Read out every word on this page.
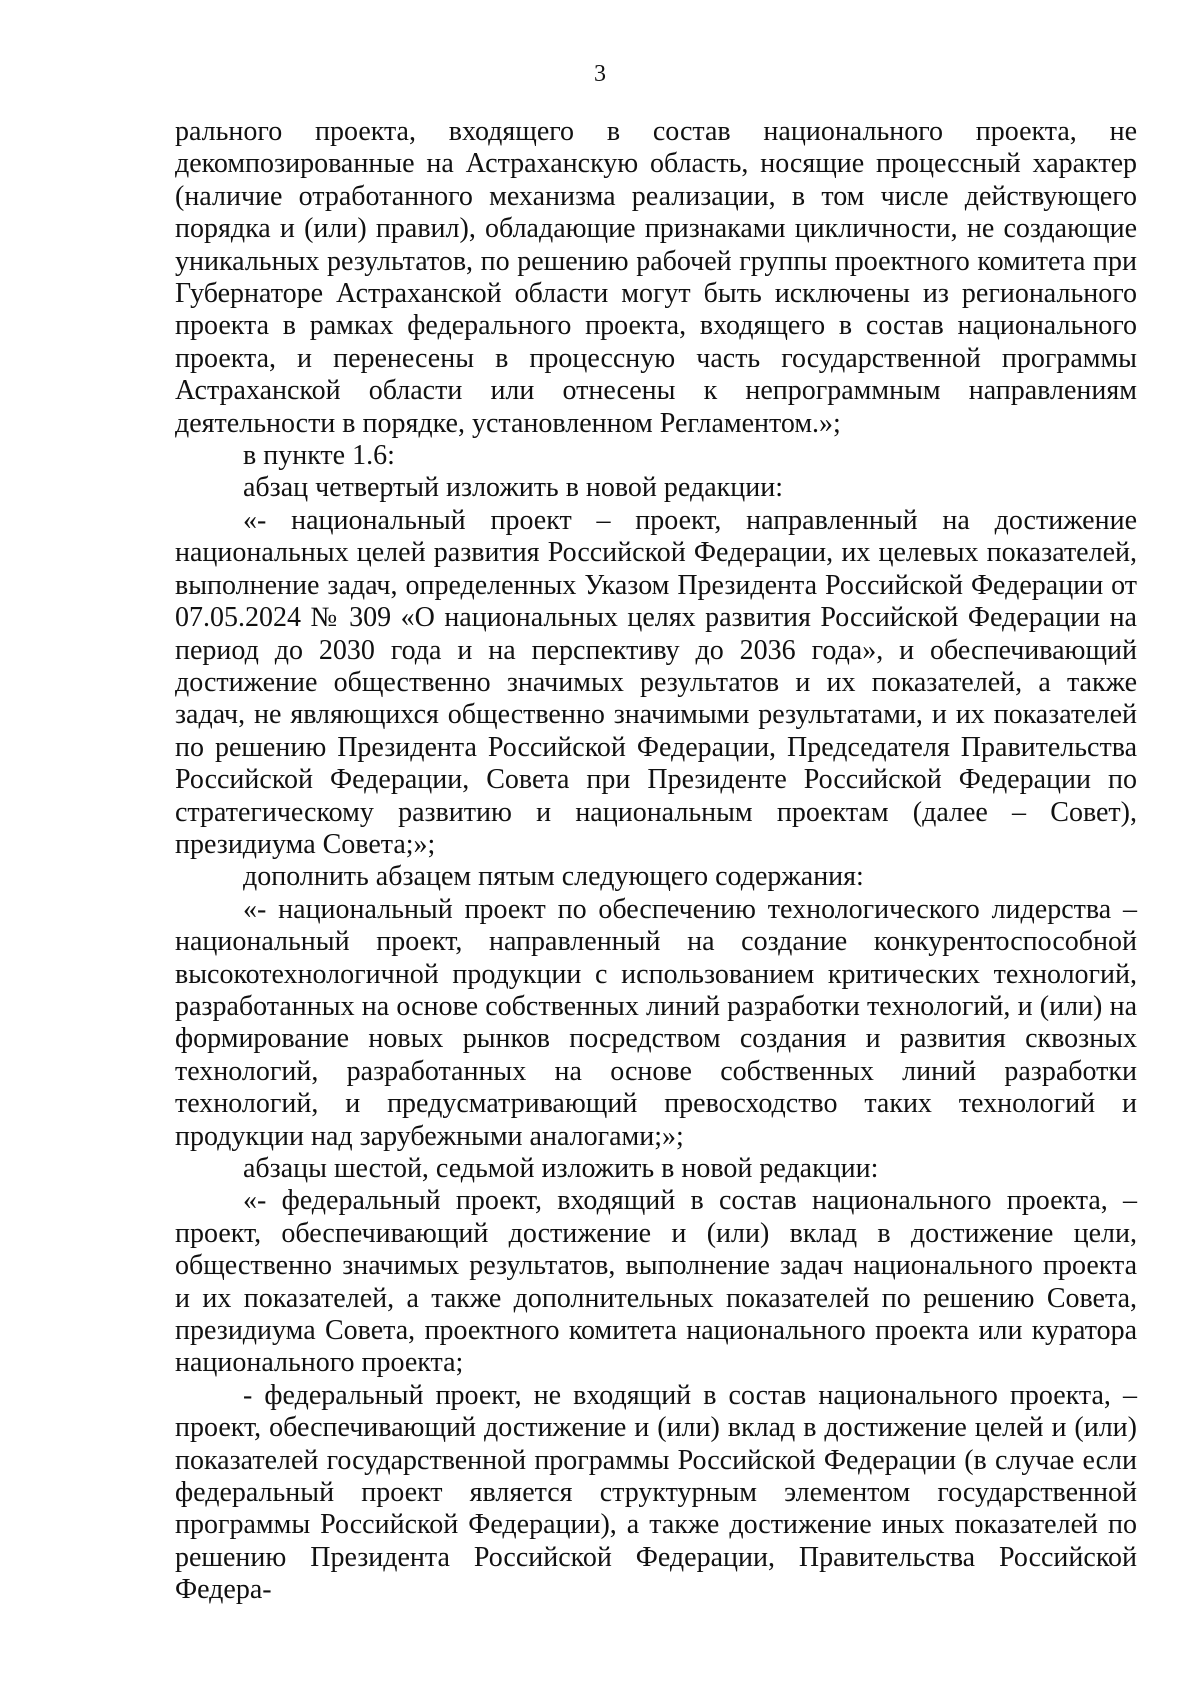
3

рального проекта, входящего в состав национального проекта, не декомпозированные на Астраханскую область, носящие процессный характер (наличие отработанного механизма реализации, в том числе действующего порядка и (или) правил), обладающие признаками цикличности, не создающие уникальных результатов, по решению рабочей группы проектного комитета при Губернаторе Астраханской области могут быть исключены из регионального проекта в рамках федерального проекта, входящего в состав национального проекта, и перенесены в процессную часть государственной программы Астраханской области или отнесены к непрограммным направлениям деятельности в порядке, установленном Регламентом.»;

в пункте 1.6:

абзац четвертый изложить в новой редакции:

«- национальный проект – проект, направленный на достижение национальных целей развития Российской Федерации, их целевых показателей, выполнение задач, определенных Указом Президента Российской Федерации от 07.05.2024 № 309 «О национальных целях развития Российской Федерации на период до 2030 года и на перспективу до 2036 года», и обеспечивающий достижение общественно значимых результатов и их показателей, а также задач, не являющихся общественно значимыми результатами, и их показателей по решению Президента Российской Федерации, Председателя Правительства Российской Федерации, Совета при Президенте Российской Федерации по стратегическому развитию и национальным проектам (далее – Совет), президиума Совета;»;

дополнить абзацем пятым следующего содержания:

«- национальный проект по обеспечению технологического лидерства – национальный проект, направленный на создание конкурентоспособной высокотехнологичной продукции с использованием критических технологий, разработанных на основе собственных линий разработки технологий, и (или) на формирование новых рынков посредством создания и развития сквозных технологий, разработанных на основе собственных линий разработки технологий, и предусматривающий превосходство таких технологий и продукции над зарубежными аналогами;»;

абзацы шестой, седьмой изложить в новой редакции:

«- федеральный проект, входящий в состав национального проекта, – проект, обеспечивающий достижение и (или) вклад в достижение цели, общественно значимых результатов, выполнение задач национального проекта и их показателей, а также дополнительных показателей по решению Совета, президиума Совета, проектного комитета национального проекта или куратора национального проекта;

- федеральный проект, не входящий в состав национального проекта, – проект, обеспечивающий достижение и (или) вклад в достижение целей и (или) показателей государственной программы Российской Федерации (в случае если федеральный проект является структурным элементом государственной программы Российской Федерации), а также достижение иных показателей по решению Президента Российской Федерации, Правительства Российской Федера-
